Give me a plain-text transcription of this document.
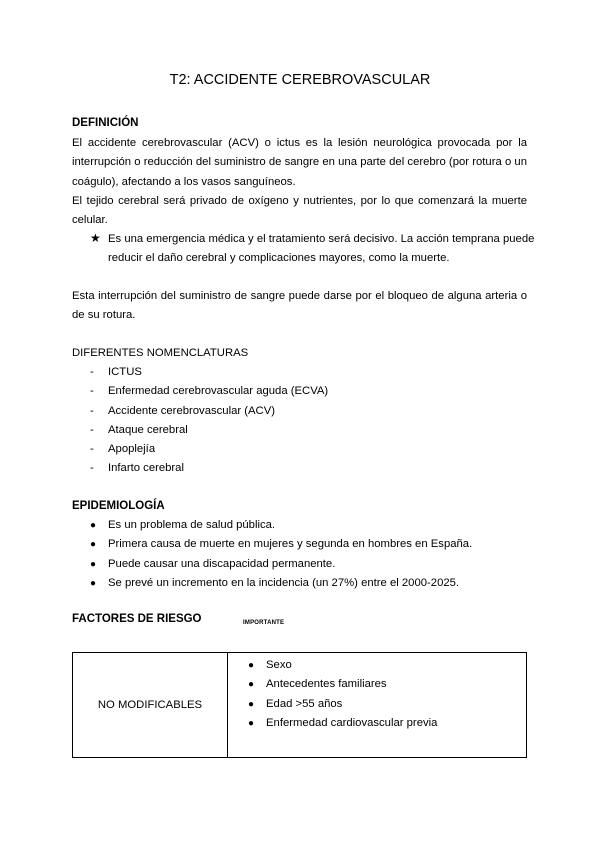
T2: ACCIDENTE CEREBROVASCULAR
DEFINICIÓN
El accidente cerebrovascular (ACV) o ictus es la lesión neurológica provocada por la
interrupción o reducción del suministro de sangre en una parte del cerebro (por rotura o un
coágulo), afectando a los vasos sanguíneos.
El tejido cerebral será privado de oxígeno y nutrientes, por lo que comenzará la muerte
celular.
★ Es una emergencia médica y el tratamiento será decisivo. La acción temprana puede
reducir el daño cerebral y complicaciones mayores, como la muerte.
Esta interrupción del suministro de sangre puede darse por el bloqueo de alguna arteria o
de su rotura.
DIFERENTES NOMENCLATURAS
- ICTUS
- Enfermedad cerebrovascular aguda (ECVA)
- Accidente cerebrovascular (ACV)
- Ataque cerebral
- Apoplejía
- Infarto cerebral
EPIDEMIOLOGÍA
● Es un problema de salud pública.
● Primera causa de muerte en mujeres y segunda en hombres en España.
● Puede causar una discapacidad permanente.
● Se prevé un incremento en la incidencia (un 27%) entre el 2000-2025.
FACTORES DE RIESGO	IMPORTANTE
NO MODIFICABLES	
● Sexo
● Antecedentes familiares
● Edad >55 años
● Enfermedad cardiovascular previa
